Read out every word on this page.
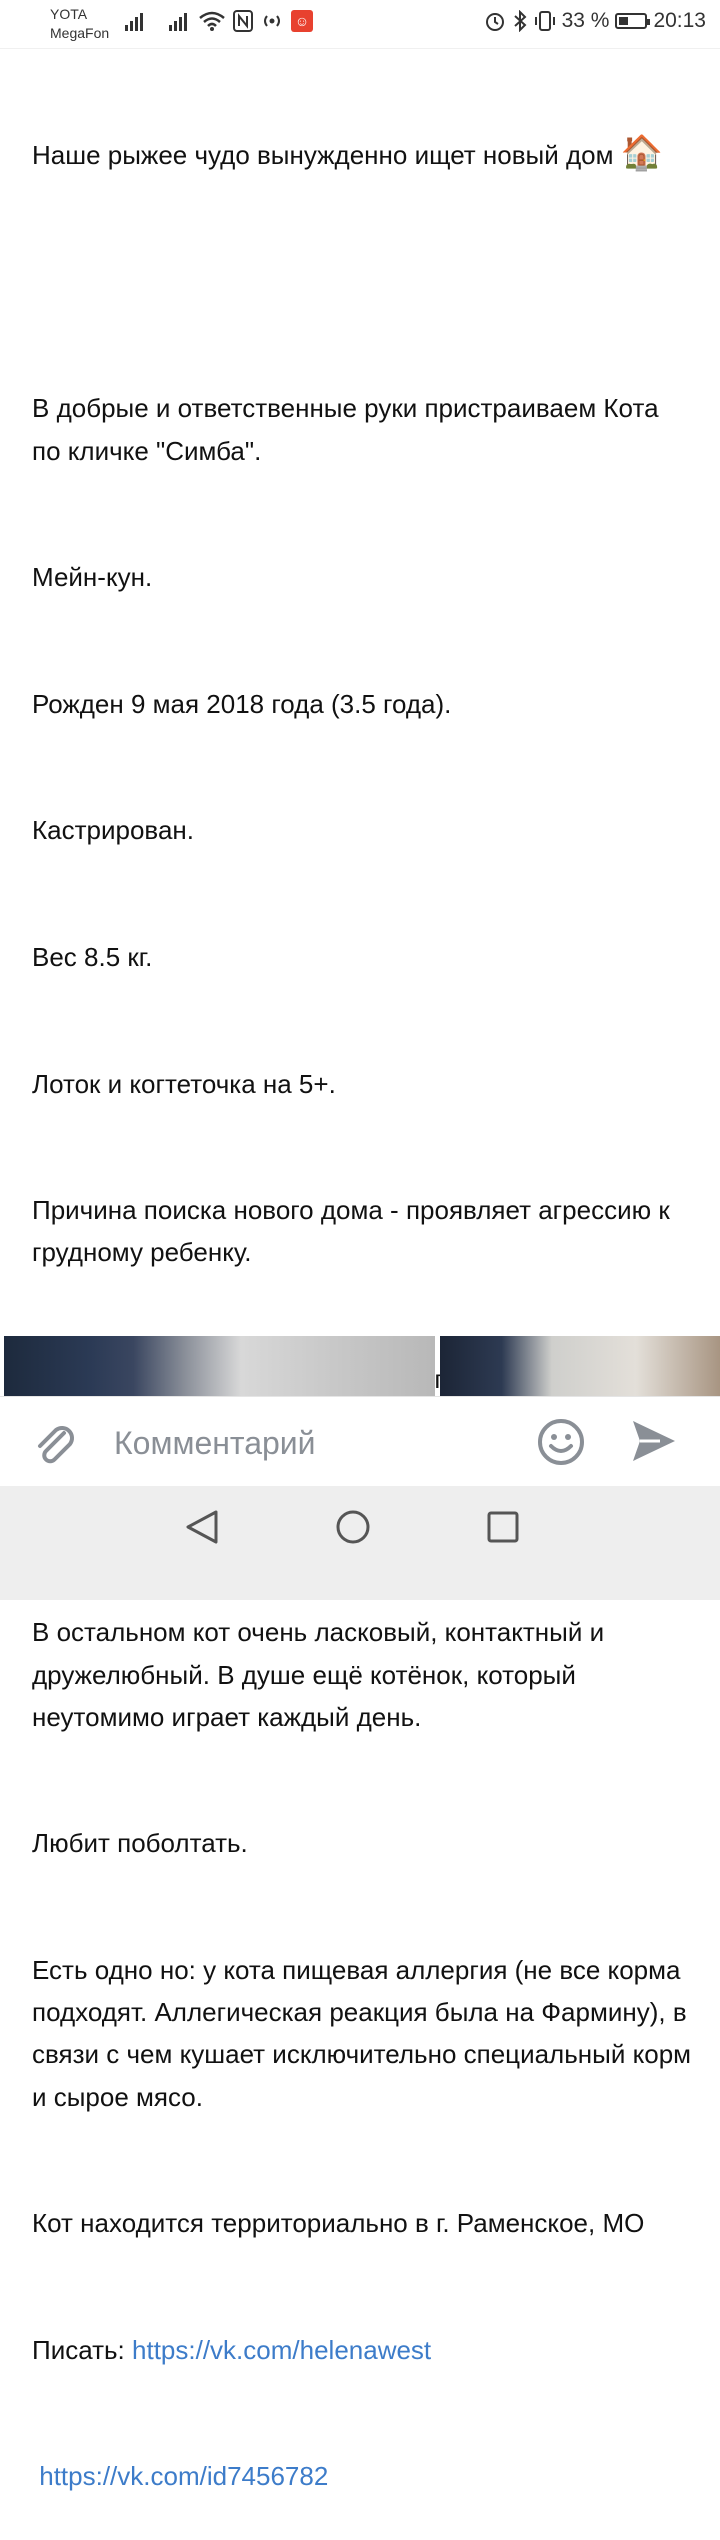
YOTA
MegaFon
☺	33 % 20:13

Наше рыжее чудо вынужденно ищет новый дом 🏠

В добрые и ответственные руки пристраиваем Кота по кличке "Симба".

Мейн-кун.

Рожден 9 мая 2018 года (3.5 года).

Кастрирован.

Вес 8.5 кг.

Лоток и когтеточка на 5+.

Причина поиска нового дома - проявляет агрессию к грудному ребенку.

В остальном кот очень ласковый, контактный и дружелюбный. В душе ещё котёнок, который неутомимо играет каждый день.

Любит поболтать.

Есть одно но: у кота пищевая аллергия (не все корма подходят. Аллегическая реакция была на Фармину), в связи с чем кушает исключительно специальный корм и сырое мясо.

Кот находится территориально в г. Раменское, МО

Писать: https://vk.com/helenawest

https://vk.com/id7456782

Комментарий
